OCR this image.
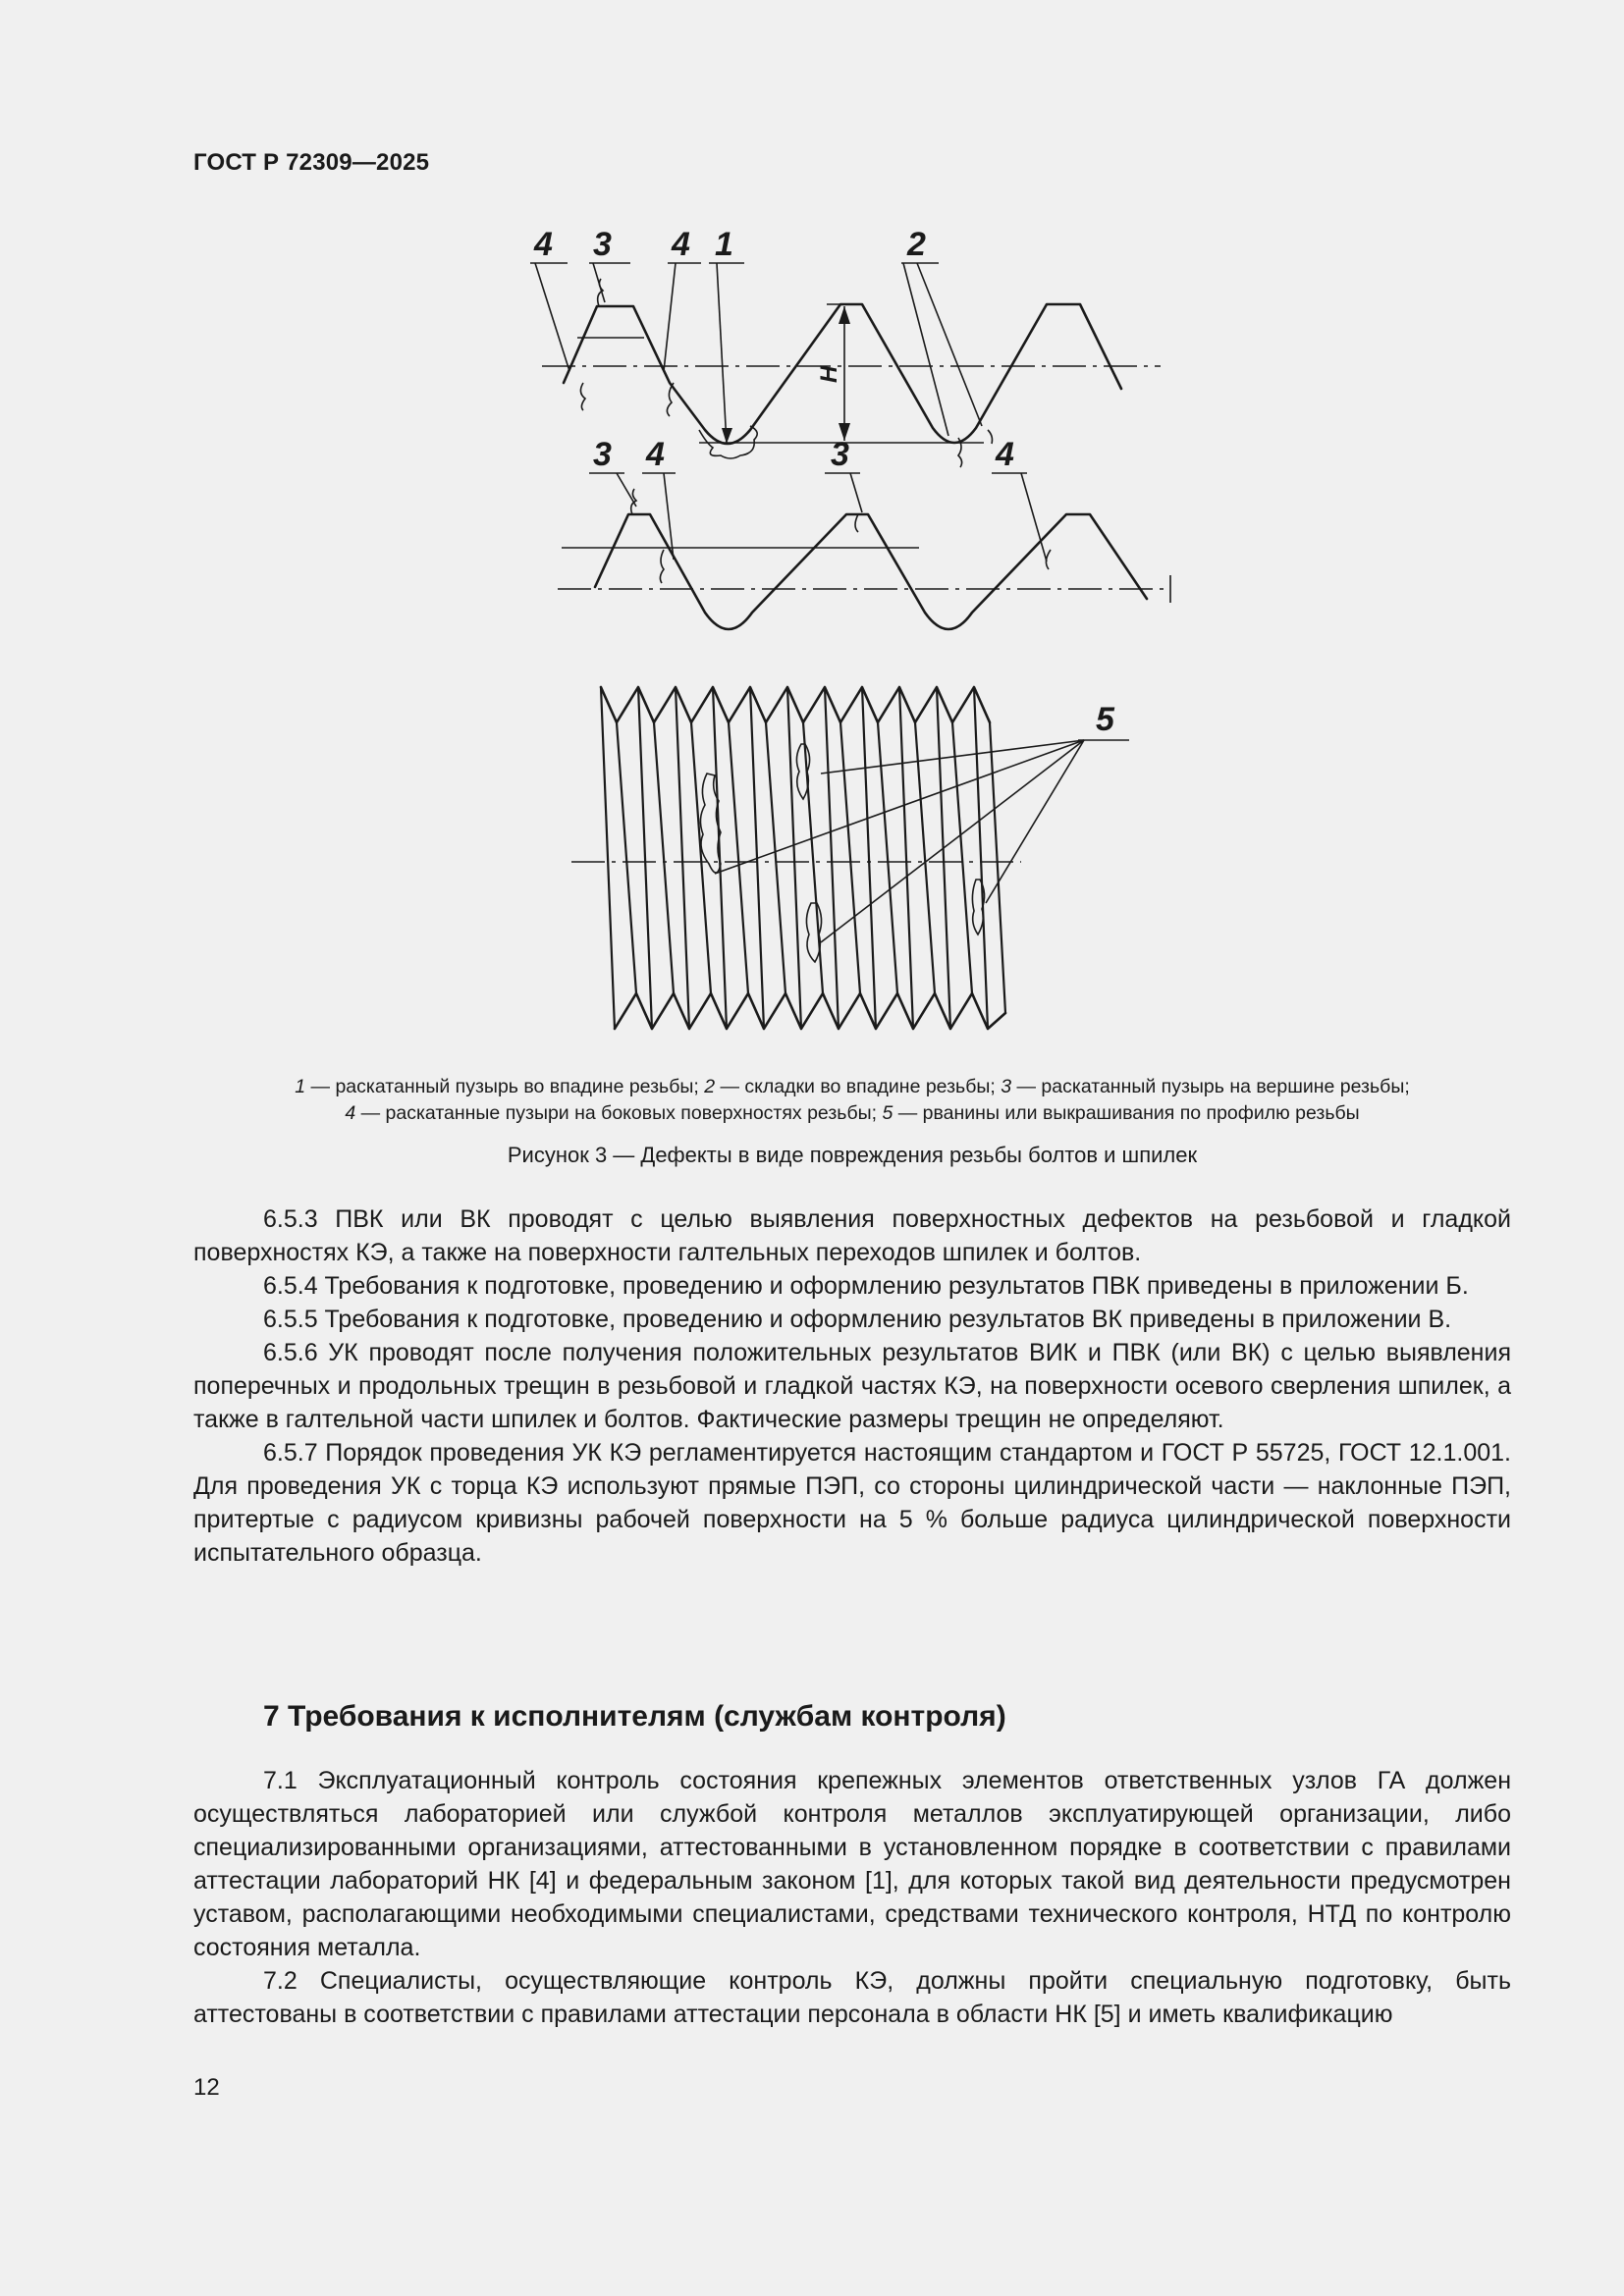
ГОСТ Р 72309—2025
H
4 3 4 1	2
3 4	3	4
5
1 — раскатанный пузырь во впадине резьбы; 2 — складки во впадине резьбы; 3 — раскатанный пузырь на вершине резьбы;
4 — раскатанные пузыри на боковых поверхностях резьбы; 5 — рванины или выкрашивания по профилю резьбы
Рисунок 3 — Дефекты в виде повреждения резьбы болтов и шпилек

6.5.3 ПВК или ВК проводят с целью выявления поверхностных дефектов на резьбовой и гладкой поверхностях КЭ, а также на поверхности галтельных переходов шпилек и болтов.

6.5.4 Требования к подготовке, проведению и оформлению результатов ПВК приведены в приложении Б.

6.5.5 Требования к подготовке, проведению и оформлению результатов ВК приведены в приложении В.

6.5.6 УК проводят после получения положительных результатов ВИК и ПВК (или ВК) с целью выявления поперечных и продольных трещин в резьбовой и гладкой частях КЭ, на поверхности осевого сверления шпилек, а также в галтельной части шпилек и болтов. Фактические размеры трещин не определяют.

6.5.7 Порядок проведения УК КЭ регламентируется настоящим стандартом и ГОСТ Р 55725, ГОСТ 12.1.001. Для проведения УК с торца КЭ используют прямые ПЭП, со стороны цилиндрической части — наклонные ПЭП, притертые с радиусом кривизны рабочей поверхности на 5 % больше радиуса цилиндрической поверхности испытательного образца.

7 Требования к исполнителям (службам контроля)

7.1 Эксплуатационный контроль состояния крепежных элементов ответственных узлов ГА должен осуществляться лабораторией или службой контроля металлов эксплуатирующей организации, либо специализированными организациями, аттестованными в установленном порядке в соответствии с правилами аттестации лабораторий НК [4] и федеральным законом [1], для которых такой вид деятельности предусмотрен уставом, располагающими необходимыми специалистами, средствами технического контроля, НТД по контролю состояния металла.

7.2 Специалисты, осуществляющие контроль КЭ, должны пройти специальную подготовку, быть аттестованы в соответствии с правилами аттестации персонала в области НК [5] и иметь квалификацию

12
